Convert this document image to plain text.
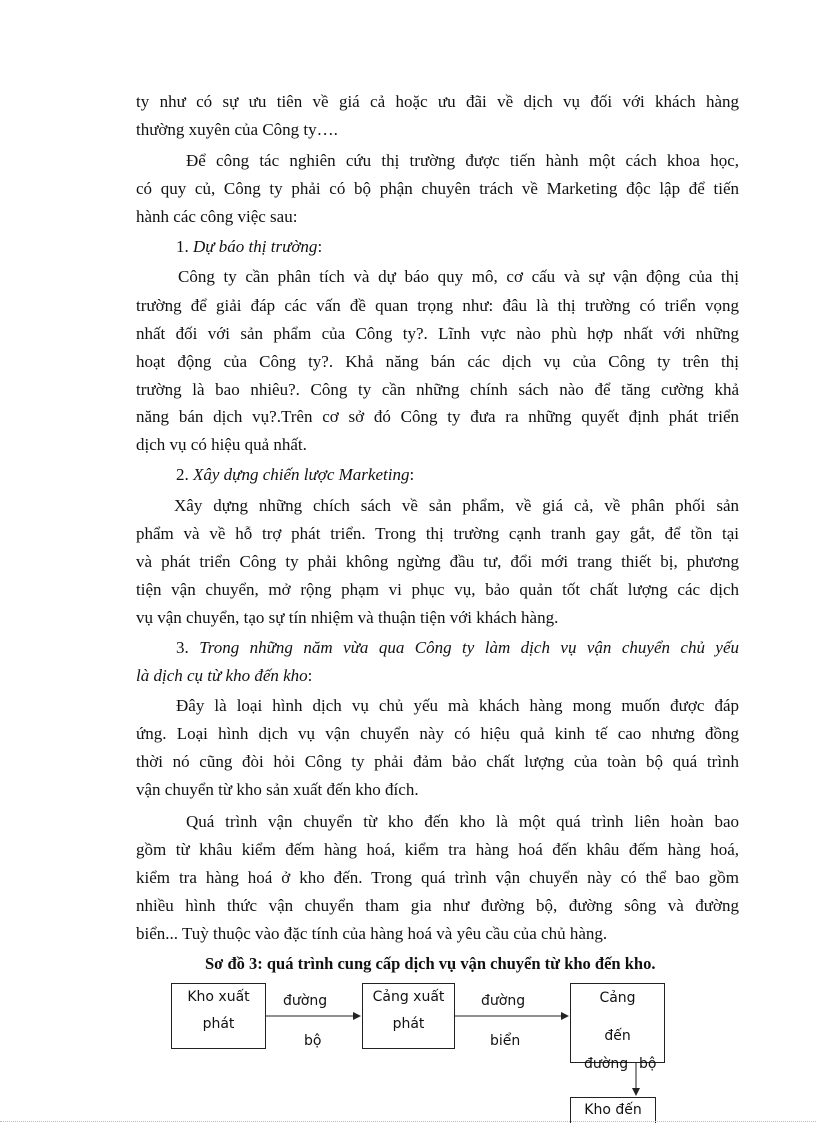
ty như có sự ưu tiên về giá cả hoặc ưu đãi về dịch vụ đối với khách hàng
thường xuyên của Công ty….
Để công tác nghiên cứu thị trường được tiến hành một cách khoa học,
có quy củ, Công ty phải có bộ phận chuyên trách về Marketing độc lập để tiến
hành các công việc sau:
1. Dự báo thị trường:
Công ty cần phân tích và dự báo quy mô, cơ cấu và sự vận động của thị
trường để giải đáp các vấn đề quan trọng như: đâu là thị trường có triển vọng
nhất đối với sản phẩm của Công ty?. Lĩnh vực nào phù hợp nhất với những
hoạt động của Công ty?. Khả năng bán các dịch vụ của Công ty trên thị
trường là bao nhiêu?. Công ty cần những chính sách nào để tăng cường khả
năng bán dịch vụ?.Trên cơ sở đó Công ty đưa ra những quyết định phát triển
dịch vụ có hiệu quả nhất.
2. Xây dựng chiến lược Marketing:
Xây dựng những chích sách về sản phẩm, về giá cả, về phân phối sản
phẩm và về hỗ trợ phát triển. Trong thị trường cạnh tranh gay gắt, để tồn tại
và phát triển Công ty phải không ngừng đầu tư, đổi mới trang thiết bị, phương
tiện vận chuyển, mở rộng phạm vi phục vụ, bảo quản tốt chất lượng các dịch
vụ vận chuyển, tạo sự tín nhiệm và thuận tiện với khách hàng.
3. Trong những năm vừa qua Công ty làm dịch vụ vận chuyển chủ yếu
là dịch cụ từ kho đến kho:
Đây là loại hình dịch vụ chủ yếu mà khách hàng mong muốn được đáp
ứng. Loại hình dịch vụ vận chuyển này có hiệu quả kinh tế cao nhưng đồng
thời nó cũng đòi hỏi Công ty phải đảm bảo chất lượng của toàn bộ quá trình
vận chuyển từ kho sản xuất đến kho đích.
Quá trình vận chuyển từ kho đến kho là một quá trình liên hoàn bao
gồm từ khâu kiểm đếm hàng hoá, kiểm tra hàng hoá đến khâu đếm hàng hoá,
kiểm tra hàng hoá ở kho đến. Trong quá trình vận chuyển này có thể bao gồm
nhiều hình thức vận chuyển tham gia như đường bộ, đường sông và đường
biển... Tuỳ thuộc vào đặc tính của hàng hoá và yêu cầu của chủ hàng.
Sơ đồ 3: quá trình cung cấp dịch vụ vận chuyển từ kho đến kho.
Kho xuất
phát
Cảng xuất
phát
Cảng
đến
Kho đến
đường
bộ
đường
biển
đường bộ
